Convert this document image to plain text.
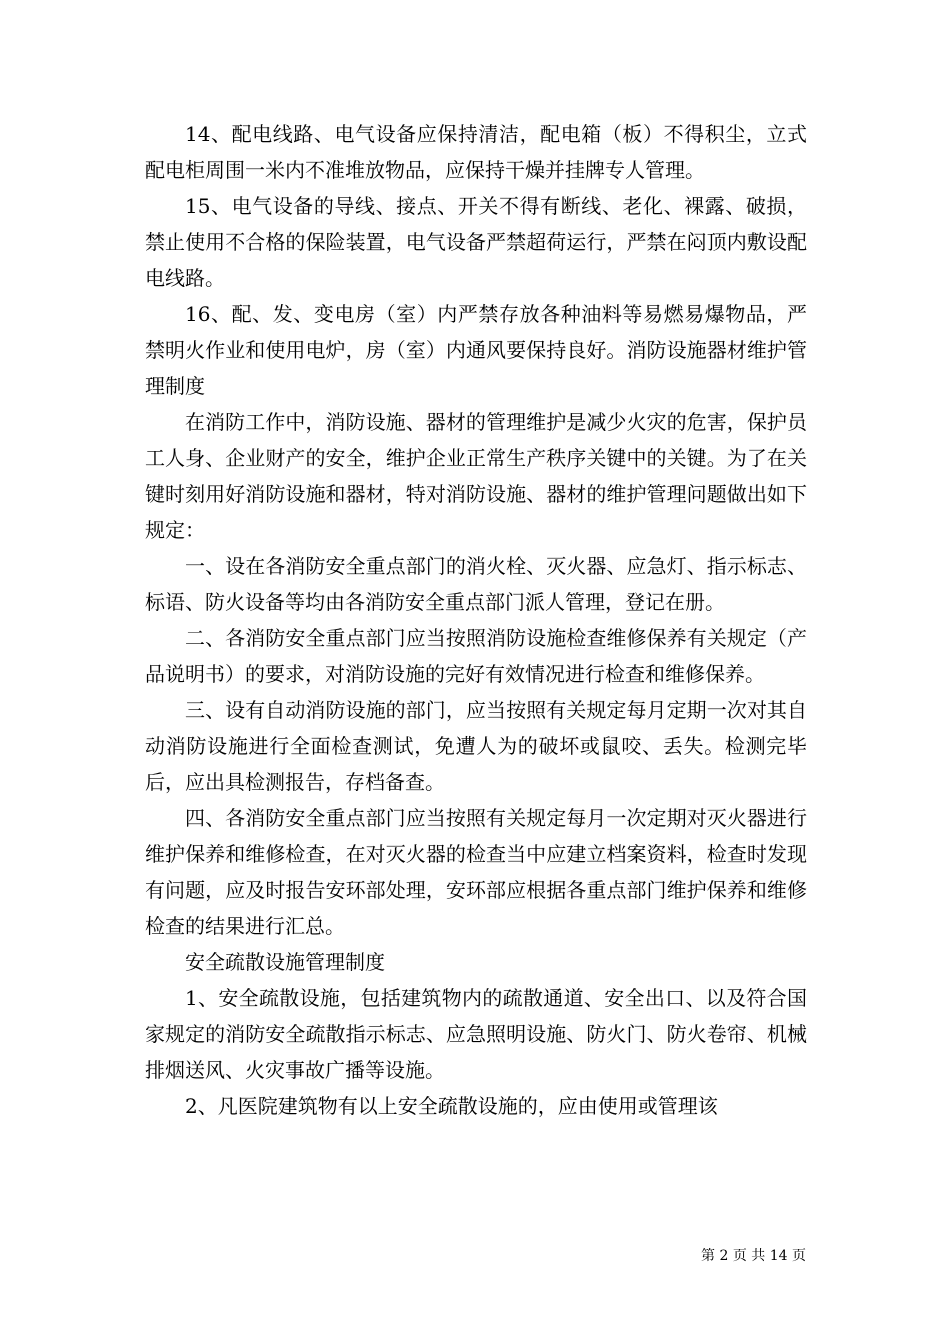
14、配电线路、电气设备应保持清洁，配电箱（板）不得积尘，立式配电柜周围一米内不准堆放物品，应保持干燥并挂牌专人管理。

15、电气设备的导线、接点、开关不得有断线、老化、裸露、破损，禁止使用不合格的保险装置，电气设备严禁超荷运行，严禁在闷顶内敷设配电线路。

16、配、发、变电房（室）内严禁存放各种油料等易燃易爆物品，严禁明火作业和使用电炉，房（室）内通风要保持良好。消防设施器材维护管理制度

在消防工作中，消防设施、器材的管理维护是减少火灾的危害，保护员工人身、企业财产的安全，维护企业正常生产秩序关键中的关键。为了在关键时刻用好消防设施和器材，特对消防设施、器材的维护管理问题做出如下规定：

一、设在各消防安全重点部门的消火栓、灭火器、应急灯、指示标志、标语、防火设备等均由各消防安全重点部门派人管理，登记在册。

二、各消防安全重点部门应当按照消防设施检查维修保养有关规定（产品说明书）的要求，对消防设施的完好有效情况进行检查和维修保养。

三、设有自动消防设施的部门，应当按照有关规定每月定期一次对其自动消防设施进行全面检查测试，免遭人为的破坏或鼠咬、丢失。检测完毕后，应出具检测报告，存档备查。

四、各消防安全重点部门应当按照有关规定每月一次定期对灭火器进行维护保养和维修检查，在对灭火器的检查当中应建立档案资料，检查时发现有问题，应及时报告安环部处理，安环部应根据各重点部门维护保养和维修检查的结果进行汇总。

安全疏散设施管理制度

1、安全疏散设施，包括建筑物内的疏散通道、安全出口、以及符合国家规定的消防安全疏散指示标志、应急照明设施、防火门、防火卷帘、机械排烟送风、火灾事故广播等设施。

2、凡医院建筑物有以上安全疏散设施的，应由使用或管理该

第 2 页 共 14 页
